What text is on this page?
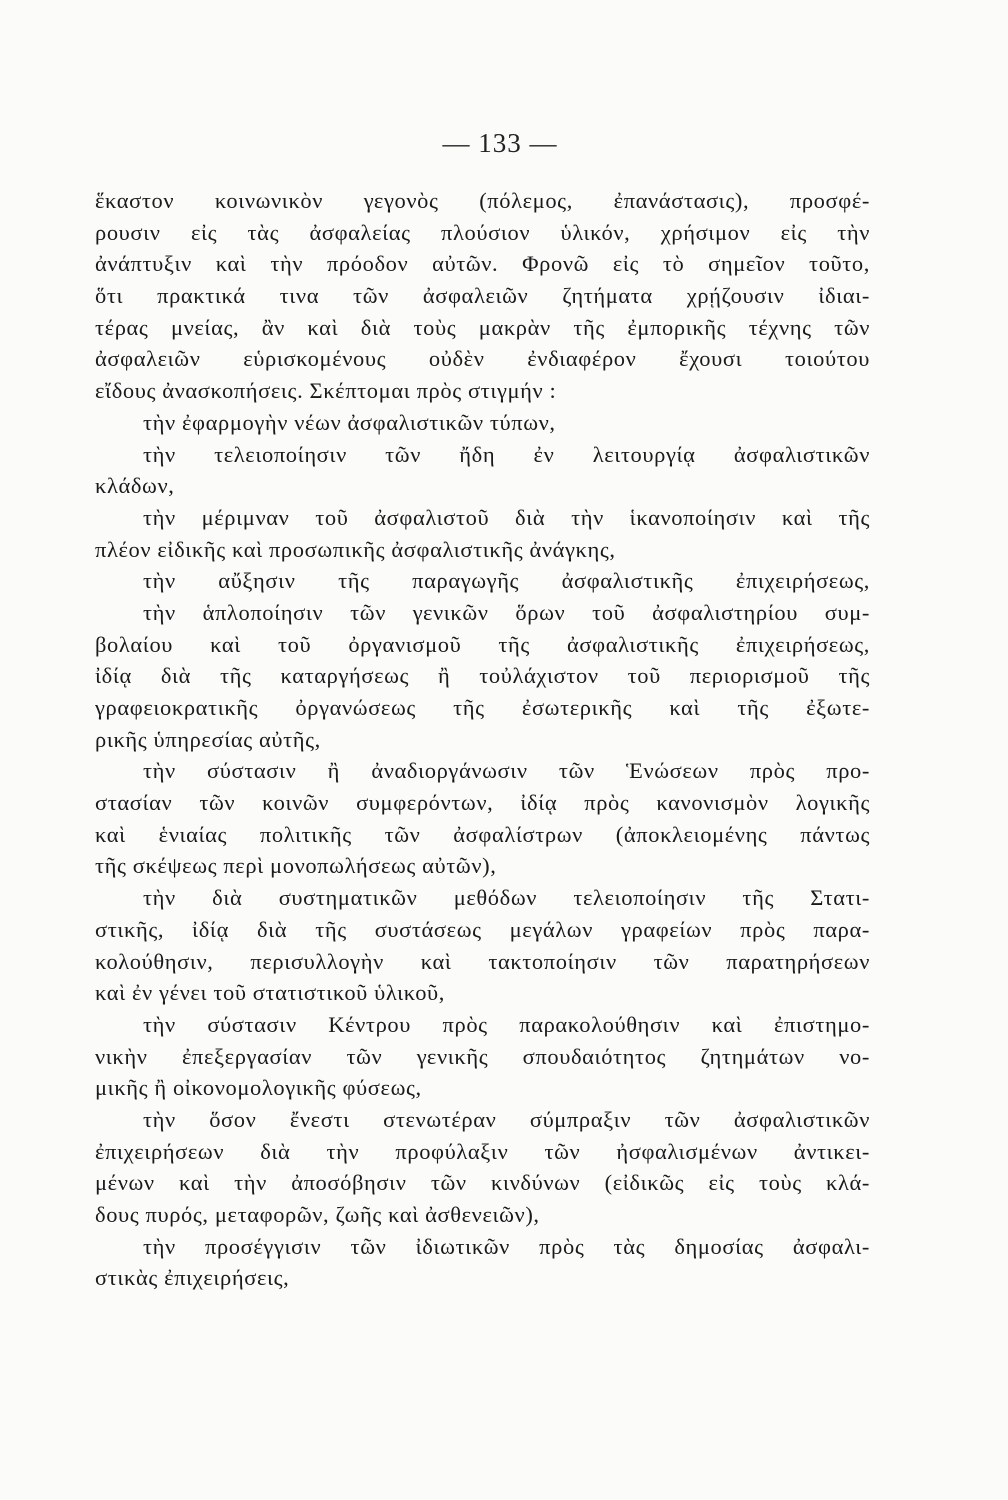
— 133 —
ἕκαστον κοινωνικὸν γεγονὸς (πόλεμος, ἐπανάστασις), προσφέ-
ρουσιν εἰς τὰς ἀσφαλείας πλούσιον ὑλικόν, χρήσιμον εἰς τὴν
ἀνάπτυξιν καὶ τὴν πρόοδον αὐτῶν. Φρονῶ εἰς τὸ σημεῖον τοῦτο,
ὅτι πρακτικά τινα τῶν ἀσφαλειῶν ζητήματα χρῄζουσιν ἰδιαι-
τέρας μνείας, ἂν καὶ διὰ τοὺς μακρὰν τῆς ἐμπορικῆς τέχνης τῶν
ἀσφαλειῶν εὑρισκομένους οὐδὲν ἐνδιαφέρον ἔχουσι τοιούτου
εἴδους ἀνασκοπήσεις. Σκέπτομαι πρὸς στιγμήν :
τὴν ἐφαρμογὴν νέων ἀσφαλιστικῶν τύπων,
τὴν τελειοποίησιν τῶν ἤδη ἐν λειτουργίᾳ ἀσφαλιστικῶν
κλάδων,
τὴν μέριμναν τοῦ ἀσφαλιστοῦ διὰ τὴν ἱκανοποίησιν καὶ τῆς
πλέον εἰδικῆς καὶ προσωπικῆς ἀσφαλιστικῆς ἀνάγκης,
τὴν αὔξησιν τῆς παραγωγῆς ἀσφαλιστικῆς ἐπιχειρήσεως,
τὴν ἁπλοποίησιν τῶν γενικῶν ὅρων τοῦ ἀσφαλιστηρίου συμ-
βολαίου καὶ τοῦ ὀργανισμοῦ τῆς ἀσφαλιστικῆς ἐπιχειρήσεως,
ἰδίᾳ διὰ τῆς καταργήσεως ἢ τοὐλάχιστον τοῦ περιορισμοῦ τῆς
γραφειοκρατικῆς ὀργανώσεως τῆς ἐσωτερικῆς καὶ τῆς ἐξωτε-
ρικῆς ὑπηρεσίας αὐτῆς,
τὴν σύστασιν ἢ ἀναδιοργάνωσιν τῶν Ἑνώσεων πρὸς προ-
στασίαν τῶν κοινῶν συμφερόντων, ἰδίᾳ πρὸς κανονισμὸν λογικῆς
καὶ ἑνιαίας πολιτικῆς τῶν ἀσφαλίστρων (ἀποκλειομένης πάντως
τῆς σκέψεως περὶ μονοπωλήσεως αὐτῶν),
τὴν διὰ συστηματικῶν μεθόδων τελειοποίησιν τῆς Στατι-
στικῆς, ἰδίᾳ διὰ τῆς συστάσεως μεγάλων γραφείων πρὸς παρα-
κολούθησιν, περισυλλογὴν καὶ τακτοποίησιν τῶν παρατηρήσεων
καὶ ἐν γένει τοῦ στατιστικοῦ ὑλικοῦ,
τὴν σύστασιν Κέντρου πρὸς παρακολούθησιν καὶ ἐπιστημο-
νικὴν ἐπεξεργασίαν τῶν γενικῆς σπουδαιότητος ζητημάτων νο-
μικῆς ἢ οἰκονομολογικῆς φύσεως,
τὴν ὅσον ἔνεστι στενωτέραν σύμπραξιν τῶν ἀσφαλιστικῶν
ἐπιχειρήσεων διὰ τὴν προφύλαξιν τῶν ἠσφαλισμένων ἀντικει-
μένων καὶ τὴν ἀποσόβησιν τῶν κινδύνων (εἰδικῶς εἰς τοὺς κλά-
δους πυρός, μεταφορῶν, ζωῆς καὶ ἀσθενειῶν),
τὴν προσέγγισιν τῶν ἰδιωτικῶν πρὸς τὰς δημοσίας ἀσφαλι-
στικὰς ἐπιχειρήσεις,
